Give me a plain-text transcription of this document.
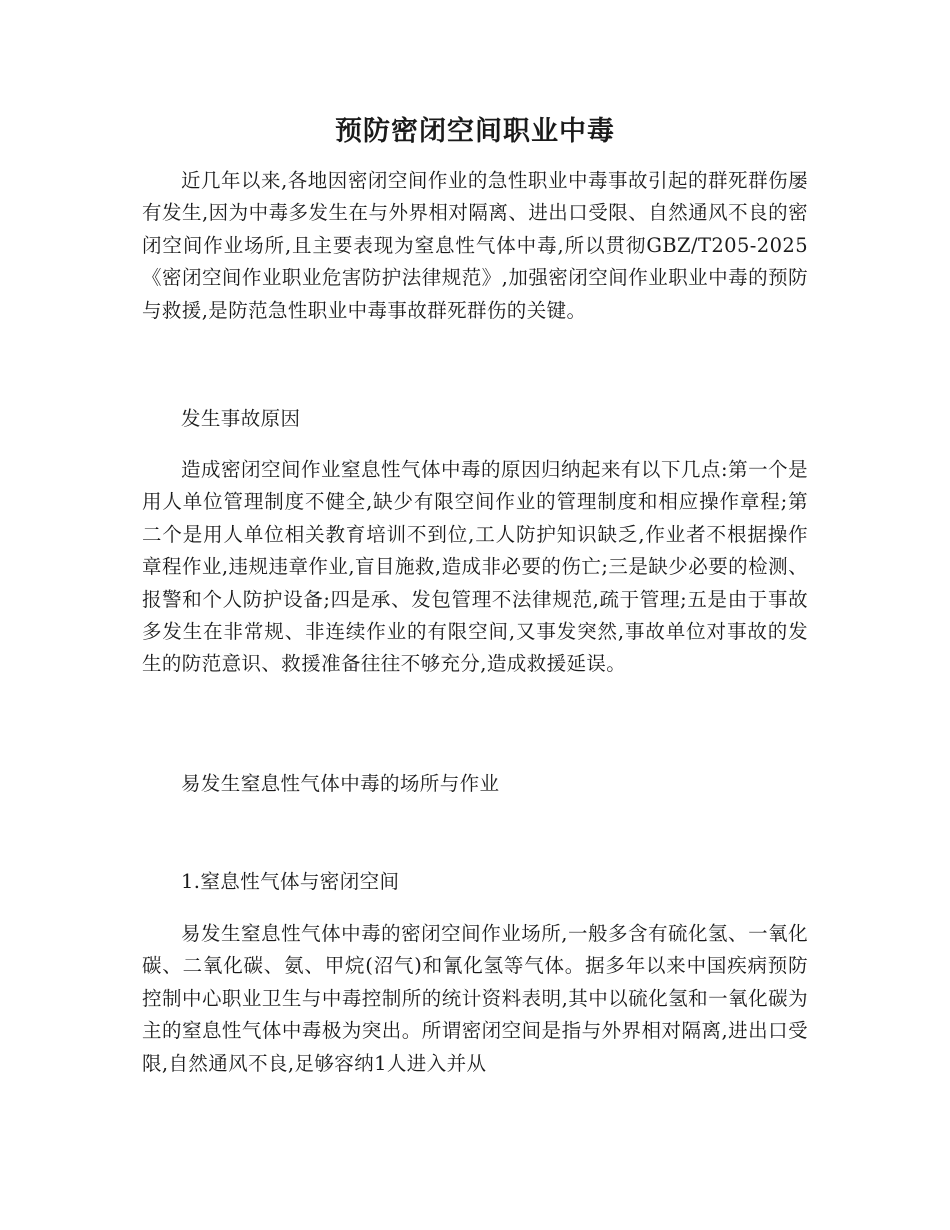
预防密闭空间职业中毒

近几年以来,各地因密闭空间作业的急性职业中毒事故引起的群死群伤屡有发生,因为中毒多发生在与外界相对隔离、进出口受限、自然通风不良的密闭空间作业场所,且主要表现为窒息性气体中毒,所以贯彻GBZ/T205-2025《密闭空间作业职业危害防护法律规范》,加强密闭空间作业职业中毒的预防与救援,是防范急性职业中毒事故群死群伤的关键。

发生事故原因

造成密闭空间作业窒息性气体中毒的原因归纳起来有以下几点:第一个是用人单位管理制度不健全,缺少有限空间作业的管理制度和相应操作章程;第二个是用人单位相关教育培训不到位,工人防护知识缺乏,作业者不根据操作章程作业,违规违章作业,盲目施救,造成非必要的伤亡;三是缺少必要的检测、报警和个人防护设备;四是承、发包管理不法律规范,疏于管理;五是由于事故多发生在非常规、非连续作业的有限空间,又事发突然,事故单位对事故的发生的防范意识、救援准备往往不够充分,造成救援延误。

易发生窒息性气体中毒的场所与作业

1.窒息性气体与密闭空间

易发生窒息性气体中毒的密闭空间作业场所,一般多含有硫化氢、一氧化碳、二氧化碳、氨、甲烷(沼气)和氰化氢等气体。据多年以来中国疾病预防控制中心职业卫生与中毒控制所的统计资料表明,其中以硫化氢和一氧化碳为主的窒息性气体中毒极为突出。所谓密闭空间是指与外界相对隔离,进出口受限,自然通风不良,足够容纳1人进入并从
